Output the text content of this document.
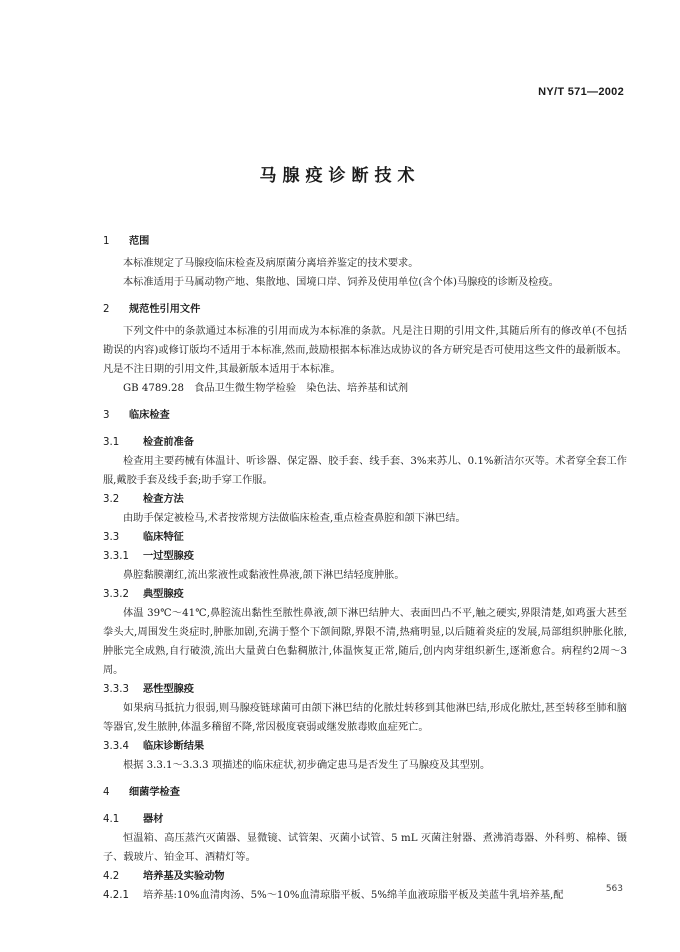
NY/T 571—2002
马腺疫诊断技术
1 范围

本标准规定了马腺疫临床检查及病原菌分离培养鉴定的技术要求。

本标准适用于马属动物产地、集散地、国境口岸、饲养及使用单位(含个体)马腺疫的诊断及检疫。

2 规范性引用文件

下列文件中的条款通过本标准的引用而成为本标准的条款。凡是注日期的引用文件,其随后所有的修改单(不包括勘误的内容)或修订版均不适用于本标准,然而,鼓励根据本标准达成协议的各方研究是否可使用这些文件的最新版本。凡是不注日期的引用文件,其最新版本适用于本标准。

GB 4789.28　食品卫生微生物学检验　染色法、培养基和试剂

3 临床检查
3.1 检查前准备

检查用主要药械有体温计、听诊器、保定器、胶手套、线手套、3%来苏儿、0.1%新洁尔灭等。术者穿全套工作服,戴胶手套及线手套;助手穿工作服。

3.2 检查方法

由助手保定被检马,术者按常规方法做临床检查,重点检查鼻腔和颌下淋巴结。

3.3 临床特征
3.3.1 一过型腺疫

鼻腔黏膜潮红,流出浆液性或黏液性鼻液,颌下淋巴结轻度肿胀。

3.3.2 典型腺疫

体温 39℃～41℃,鼻腔流出黏性至脓性鼻液,颌下淋巴结肿大、表面凹凸不平,触之硬实,界限清楚,如鸡蛋大甚至拳头大,周围发生炎症时,肿胀加剧,充满于整个下颌间隙,界限不清,热痛明显,以后随着炎症的发展,局部组织肿胀化脓,肿胀完全成熟,自行破溃,流出大量黄白色黏稠脓汁,体温恢复正常,随后,创内肉芽组织新生,逐渐愈合。病程约2周～3周。

3.3.3 恶性型腺疫

如果病马抵抗力很弱,则马腺疫链球菌可由颌下淋巴结的化脓灶转移到其他淋巴结,形成化脓灶,甚至转移至肺和脑等器官,发生脓肿,体温多稽留不降,常因极度衰弱或继发脓毒败血症死亡。

3.3.4 临床诊断结果

根据 3.3.1～3.3.3 项描述的临床症状,初步确定患马是否发生了马腺疫及其型别。

4 细菌学检查
4.1 器材

恒温箱、高压蒸汽灭菌器、显微镜、试管架、灭菌小试管、5 mL 灭菌注射器、煮沸消毒器、外科剪、棉棒、镊子、载玻片、铂金耳、酒精灯等。

4.2 培养基及实验动物
4.2.1 培养基:10%血清肉汤、5%～10%血清琼脂平板、5%绵羊血液琼脂平板及美蓝牛乳培养基,配
563
